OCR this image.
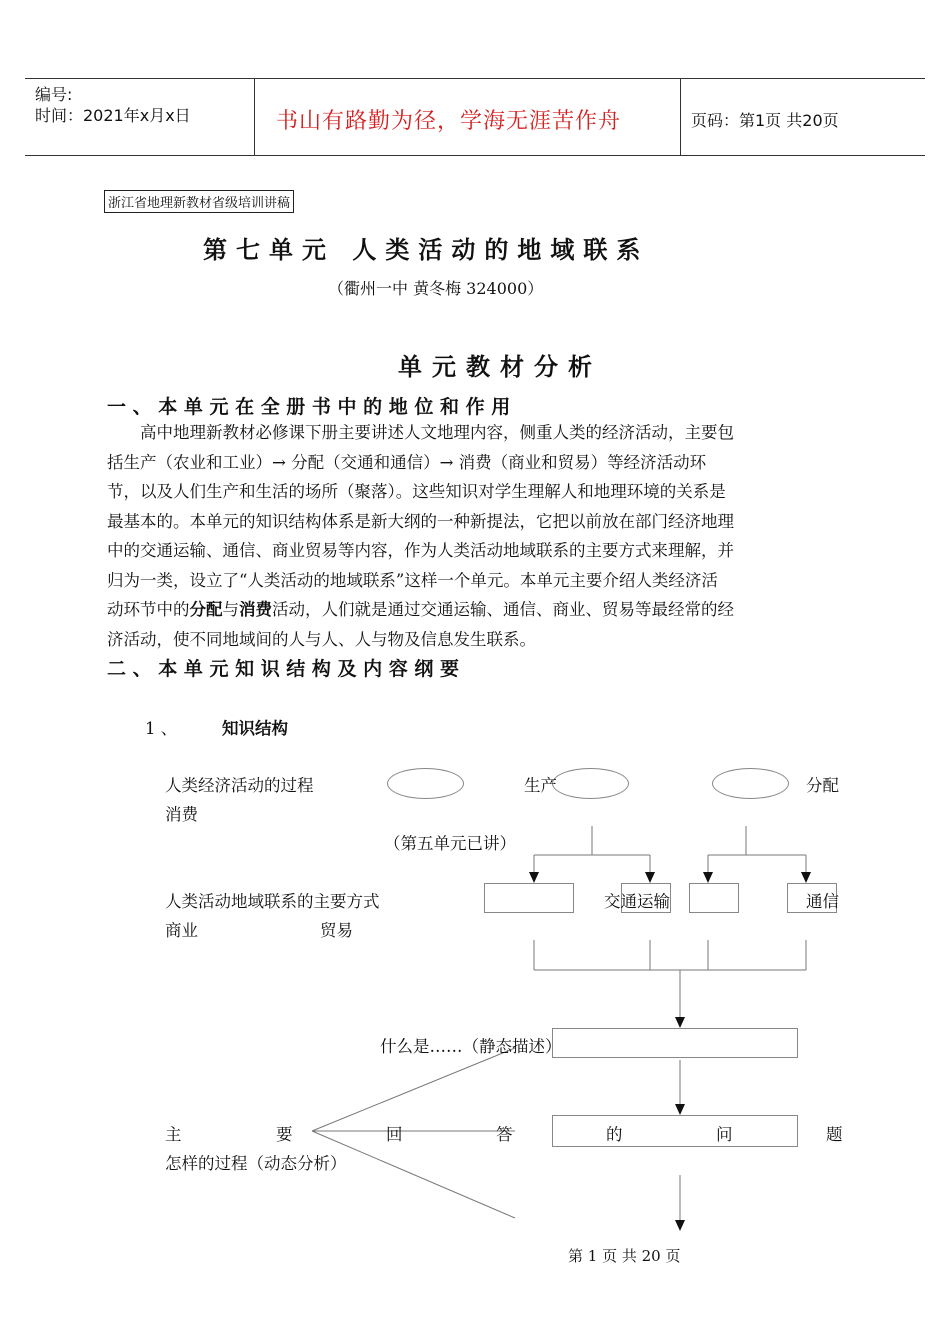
编号:
时间：2021年x月x日	书山有路勤为径，学海无涯苦作舟	页码：第1页 共20页
浙江省地理新教材省级培训讲稿
第七单元 人类活动的地域联系
（衢州一中 黄冬梅 324000）
单元教材分析
一 、 本 单 元 在 全 册 书 中 的 地 位 和 作 用
高中地理新教材必修课下册主要讲述人文地理内容，侧重人类的经济活动，主要包
括生产（农业和工业）→ 分配（交通和通信）→ 消费（商业和贸易）等经济活动环
节，以及人们生产和生活的场所（聚落）。这些知识对学生理解人和地理环境的关系是
最基本的。本单元的知识结构体系是新大纲的一种新提法，它把以前放在部门经济地理
中的交通运输、通信、商业贸易等内容，作为人类活动地域联系的主要方式来理解，并
归为一类，设立了“人类活动的地域联系”这样一个单元。本单元主要介绍人类经济活
动环节中的分配与消费活动，人们就是通过交通运输、通信、商业、贸易等最经常的经
济活动，使不同地域间的人与人、人与物及信息发生联系。
二 、 本 单 元 知 识 结 构 及 内 容 纲 要
1 、	知识结构
人类经济活动的过程	生产	分配
消费
（第五单元已讲）
人类活动地域联系的主要方式	交通运输	通信
商业	贸易
什么是……（静态描述）
主	要	回	答	的	问	题
怎样的过程（动态分析）
第 1 页 共 20 页
